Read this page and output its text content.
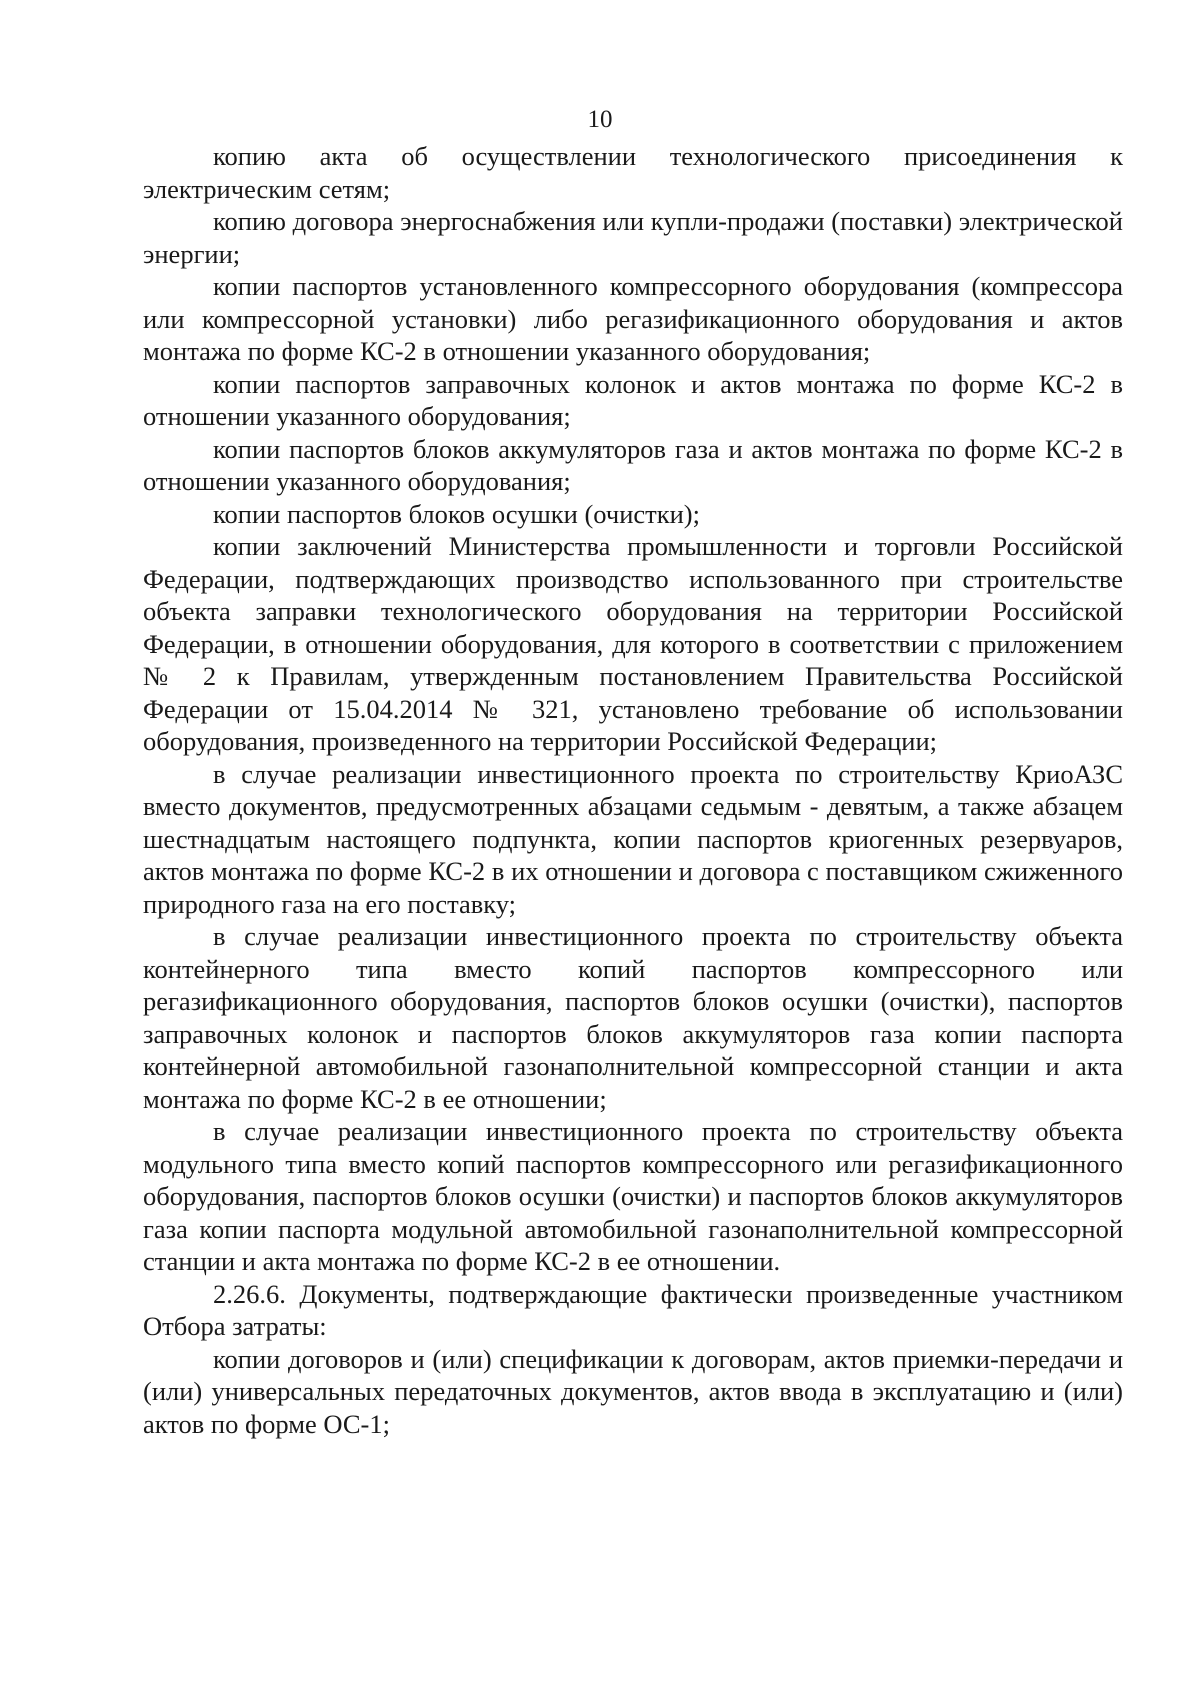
10

копию акта об осуществлении технологического присоединения к электрическим сетям;

копию договора энергоснабжения или купли-продажи (поставки) электрической энергии;

копии паспортов установленного компрессорного оборудования (компрессора или компрессорной установки) либо регазификационного оборудования и актов монтажа по форме КС-2 в отношении указанного оборудования;

копии паспортов заправочных колонок и актов монтажа по форме КС-2 в отношении указанного оборудования;

копии паспортов блоков аккумуляторов газа и актов монтажа по форме КС-2 в отношении указанного оборудования;

копии паспортов блоков осушки (очистки);

копии заключений Министерства промышленности и торговли Российской Федерации, подтверждающих производство использованного при строительстве объекта заправки технологического оборудования на территории Российской Федерации, в отношении оборудования, для которого в соответствии с приложением № 2 к Правилам, утвержденным постановлением Правительства Российской Федерации от 15.04.2014 № 321, установлено требование об использовании оборудования, произведенного на территории Российской Федерации;

в случае реализации инвестиционного проекта по строительству КриоАЗС вместо документов, предусмотренных абзацами седьмым - девятым, а также абзацем шестнадцатым настоящего подпункта, копии паспортов криогенных резервуаров, актов монтажа по форме КС-2 в их отношении и договора с поставщиком сжиженного природного газа на его поставку;

в случае реализации инвестиционного проекта по строительству объекта контейнерного типа вместо копий паспортов компрессорного или регазификационного оборудования, паспортов блоков осушки (очистки), паспортов заправочных колонок и паспортов блоков аккумуляторов газа копии паспорта контейнерной автомобильной газонаполнительной компрессорной станции и акта монтажа по форме КС-2 в ее отношении;

в случае реализации инвестиционного проекта по строительству объекта модульного типа вместо копий паспортов компрессорного или регазификационного оборудования, паспортов блоков осушки (очистки) и паспортов блоков аккумуляторов газа копии паспорта модульной автомобильной газонаполнительной компрессорной станции и акта монтажа по форме КС-2 в ее отношении.

2.26.6. Документы, подтверждающие фактически произведенные участником Отбора затраты:

копии договоров и (или) спецификации к договорам, актов приемки-передачи и (или) универсальных передаточных документов, актов ввода в эксплуатацию и (или) актов по форме ОС-1;
